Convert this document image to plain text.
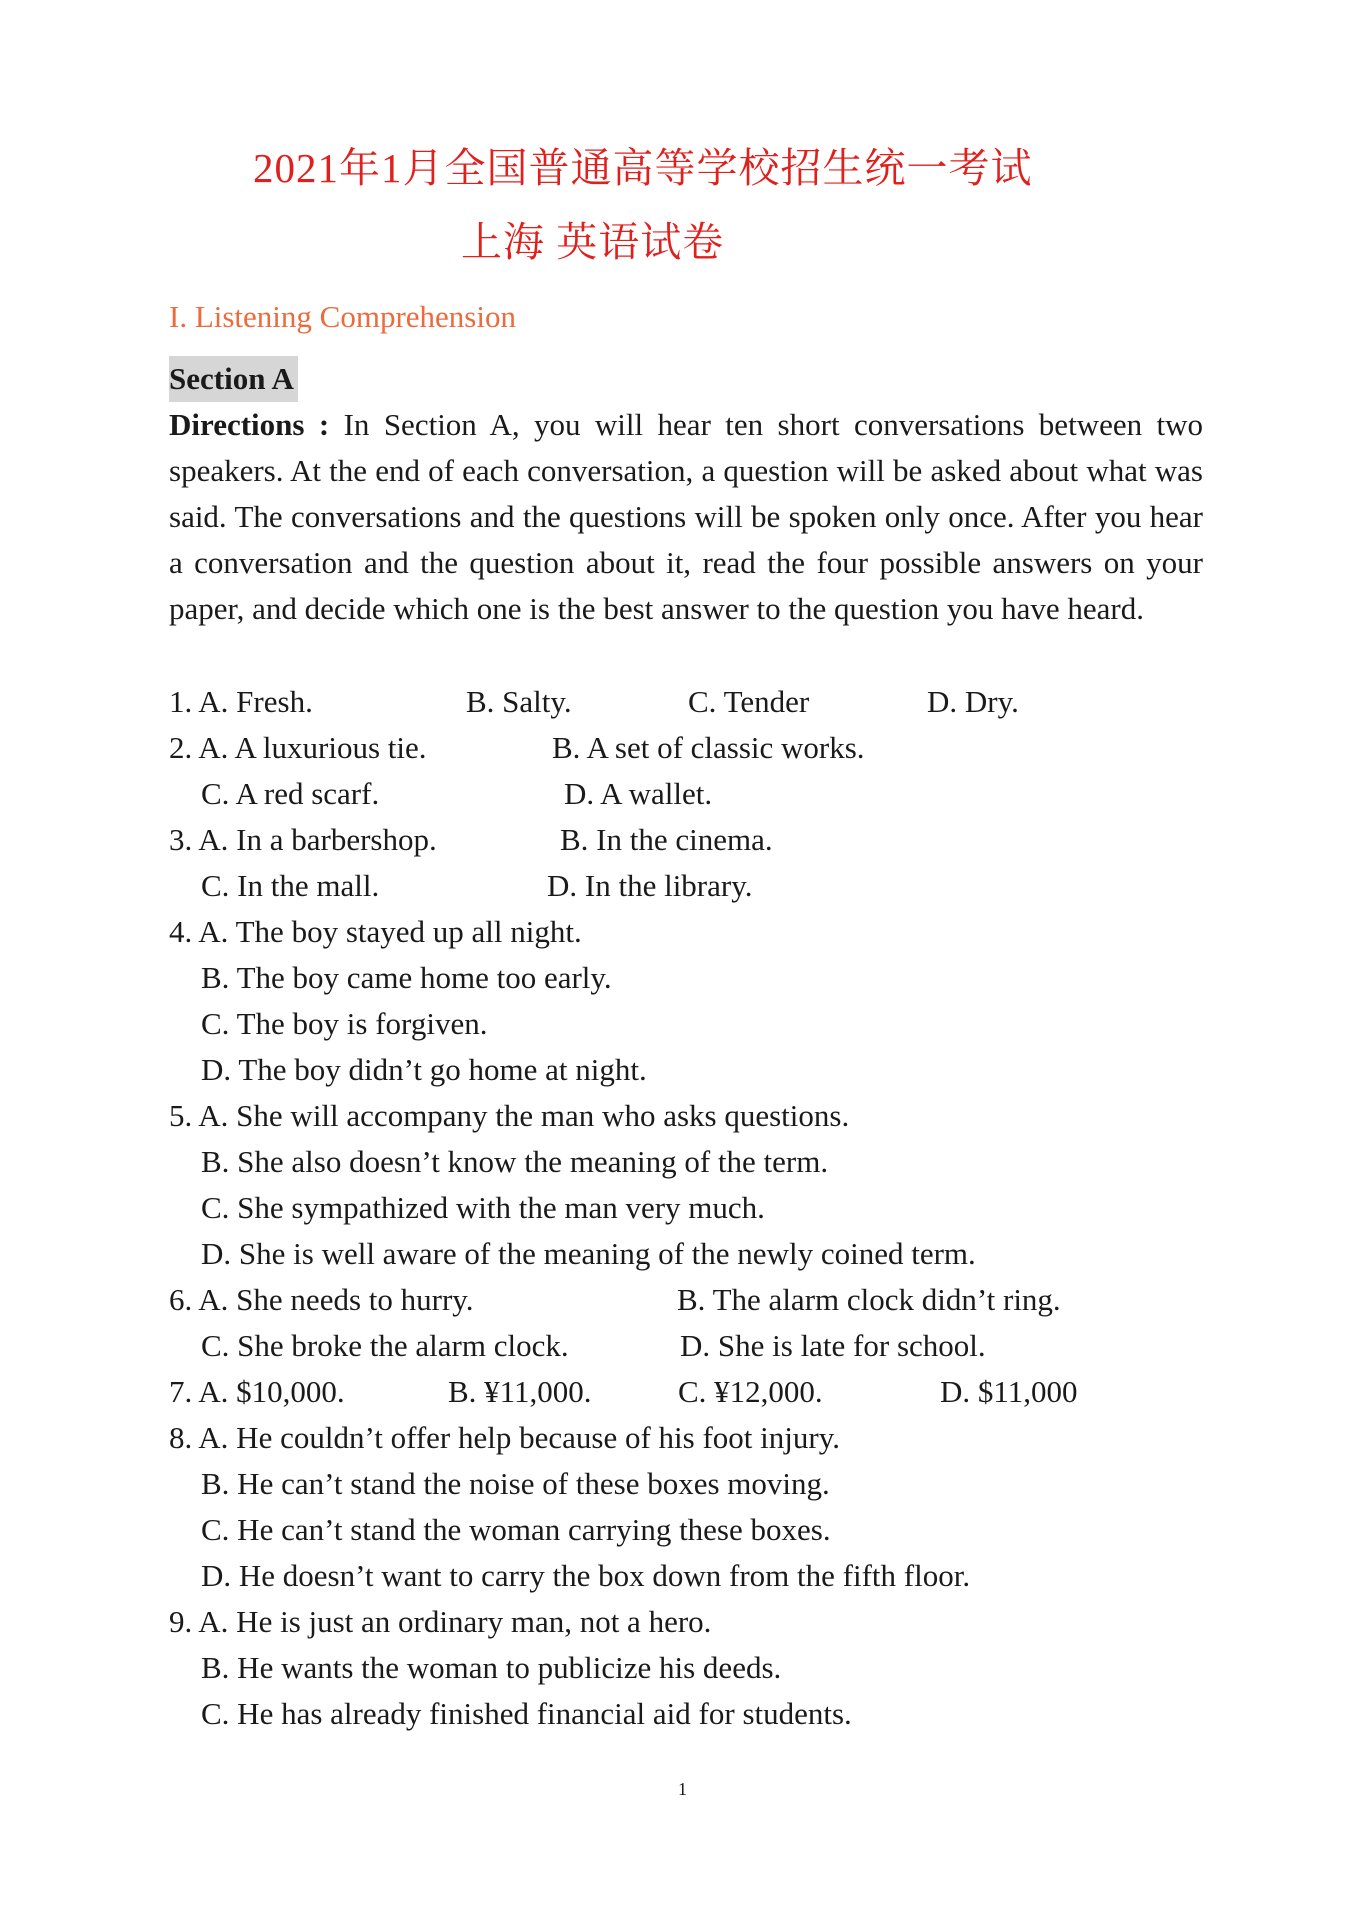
2021年1月全国普通高等学校招生统一考试
上海 英语试卷
I. Listening Comprehension
Section A
Directions : In Section A, you will hear ten short conversations between two speakers. At the end of each conversation, a question will be asked about what was said. The conversations and the questions will be spoken only once. After you hear a conversation and the question about it, read the four possible answers on your paper, and decide which one is the best answer to the question you have heard.
1. A. Fresh.	B. Salty.	C. Tender	D. Dry.
2. A. A luxurious tie.	B. A set of classic works.
C. A red scarf.	D. A wallet.
3. A. In a barbershop.	B. In the cinema.
C. In the mall.	D. In the library.
4. A. The boy stayed up all night.
B. The boy came home too early.
C. The boy is forgiven.
D. The boy didn’t go home at night.
5. A. She will accompany the man who asks questions.
B. She also doesn’t know the meaning of the term.
C. She sympathized with the man very much.
D. She is well aware of the meaning of the newly coined term.
6. A. She needs to hurry.	B. The alarm clock didn’t ring.
C. She broke the alarm clock.	D. She is late for school.
7. A. $10,000.	B. ¥11,000.	C. ¥12,000.	D. $11,000
8. A. He couldn’t offer help because of his foot injury.
B. He can’t stand the noise of these boxes moving.
C. He can’t stand the woman carrying these boxes.
D. He doesn’t want to carry the box down from the fifth floor.
9. A. He is just an ordinary man, not a hero.
B. He wants the woman to publicize his deeds.
C. He has already finished financial aid for students.
1
